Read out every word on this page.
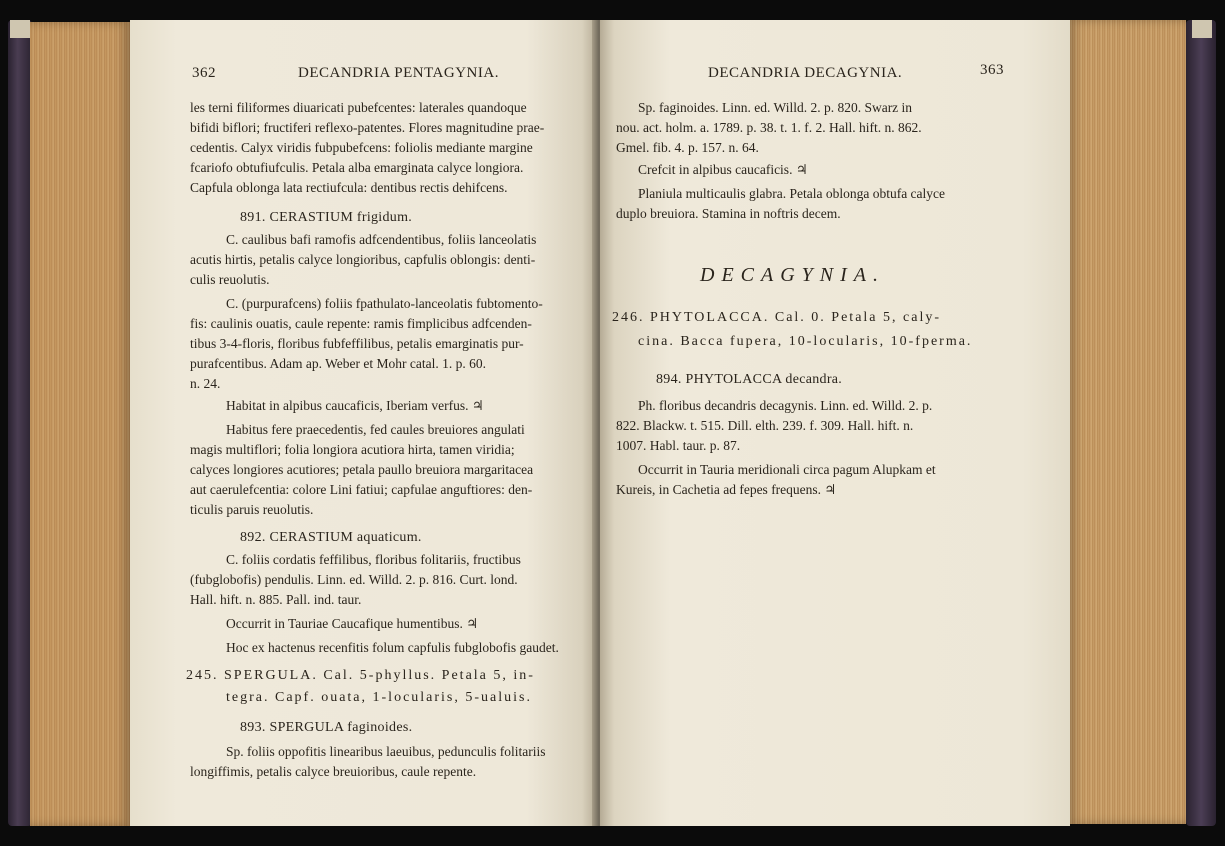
362	DECANDRIA PENTAGYNIA.
les terni filiformes diuaricati pubefcentes: laterales quandoque
bifidi biflori; fructiferi reflexo-patentes. Flores magnitudine prae-
cedentis. Calyx viridis fubpubefcens: foliolis mediante margine
fcariofo obtufiufculis. Petala alba emarginata calyce longiora.
Capfula oblonga lata rectiufcula: dentibus rectis dehifcens.
891. CERASTIUM frigidum.
C. caulibus bafi ramofis adfcendentibus, foliis lanceolatis
acutis hirtis, petalis calyce longioribus, capfulis oblongis: denti-
culis reuolutis.
C. (purpurafcens) foliis fpathulato-lanceolatis fubtomento-
fis: caulinis ouatis, caule repente: ramis fimplicibus adfcenden-
tibus 3-4-floris, floribus fubfeffilibus, petalis emarginatis pur-
purafcentibus. Adam ap. Weber et Mohr catal. 1. p. 60.
n. 24.
Habitat in alpibus caucaficis, Iberiam verfus. ♃
Habitus fere praecedentis, fed caules breuiores angulati
magis multiflori; folia longiora acutiora hirta, tamen viridia;
calyces longiores acutiores; petala paullo breuiora margaritacea
aut caerulefcentia: colore Lini fatiui; capfulae anguftiores: den-
ticulis paruis reuolutis.
892. CERASTIUM aquaticum.
C. foliis cordatis feffilibus, floribus folitariis, fructibus
(fubglobofis) pendulis. Linn. ed. Willd. 2. p. 816. Curt. lond.
Hall. hift. n. 885. Pall. ind. taur.
Occurrit in Tauriae Caucafique humentibus. ♃
Hoc ex hactenus recenfitis folum capfulis fubglobofis gaudet.
245. SPERGULA. Cal. 5-phyllus. Petala 5, in-
tegra. Capf. ouata, 1-locularis, 5-ualuis.
893. SPERGULA faginoides.
Sp. foliis oppofitis linearibus laeuibus, pedunculis folitariis
longiffimis, petalis calyce breuioribus, caule repente.
DECANDRIA DECAGYNIA.	363
Sp. faginoides. Linn. ed. Willd. 2. p. 820. Swarz in
nou. act. holm. a. 1789. p. 38. t. 1. f. 2. Hall. hift. n. 862.
Gmel. fib. 4. p. 157. n. 64.
Crefcit in alpibus caucaficis. ♃
Planiula multicaulis glabra. Petala oblonga obtufa calyce
duplo breuiora. Stamina in noftris decem.
DECAGYNIA.
246. PHYTOLACCA. Cal. 0. Petala 5, caly-
cina. Bacca fupera, 10-locularis, 10-fperma.
894. PHYTOLACCA decandra.
Ph. floribus decandris decagynis. Linn. ed. Willd. 2. p.
822. Blackw. t. 515. Dill. elth. 239. f. 309. Hall. hift. n.
1007. Habl. taur. p. 87.
Occurrit in Tauria meridionali circa pagum Alupkam et
Kureis, in Cachetia ad fepes frequens. ♃
